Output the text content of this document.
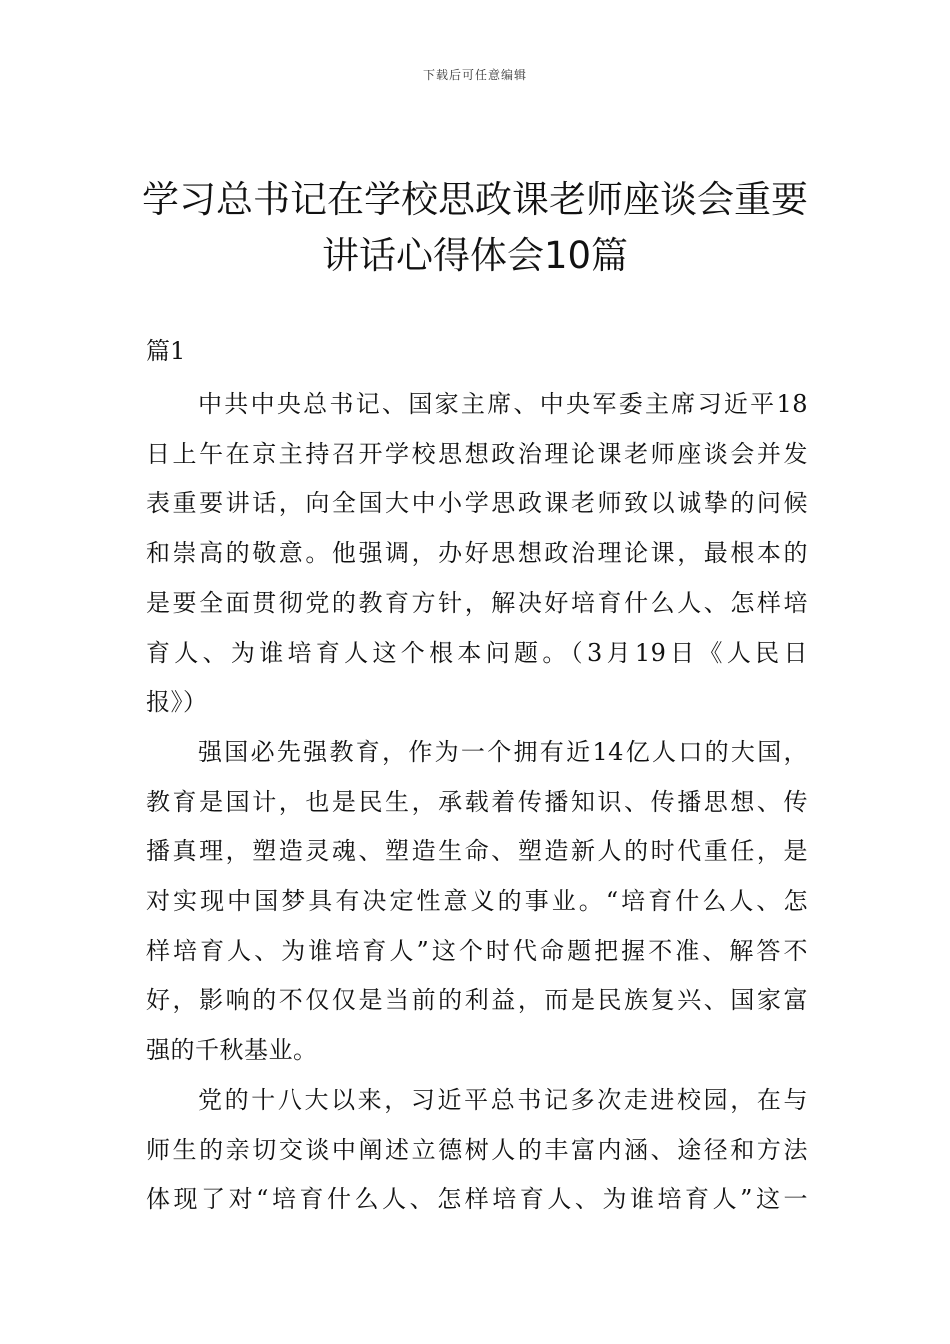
下载后可任意编辑
学习总书记在学校思政课老师座谈会重要
讲话心得体会10篇
篇1
中共中央总书记、国家主席、中央军委主席习近平18
日上午在京主持召开学校思想政治理论课老师座谈会并发
表重要讲话，向全国大中小学思政课老师致以诚挚的问候
和崇高的敬意。他强调，办好思想政治理论课，最根本的
是要全面贯彻党的教育方针，解决好培育什么人、怎样培
育人、为谁培育人这个根本问题。（3月19日《人民日
报》）
强国必先强教育，作为一个拥有近14亿人口的大国，
教育是国计，也是民生，承载着传播知识、传播思想、传
播真理，塑造灵魂、塑造生命、塑造新人的时代重任，是
对实现中国梦具有决定性意义的事业。“培育什么人、怎
样培育人、为谁培育人”这个时代命题把握不准、解答不
好，影响的不仅仅是当前的利益，而是民族复兴、国家富
强的千秋基业。
党的十八大以来，习近平总书记多次走进校园，在与
师生的亲切交谈中阐述立德树人的丰富内涵、途径和方法
体现了对“培育什么人、怎样培育人、为谁培育人”这一
